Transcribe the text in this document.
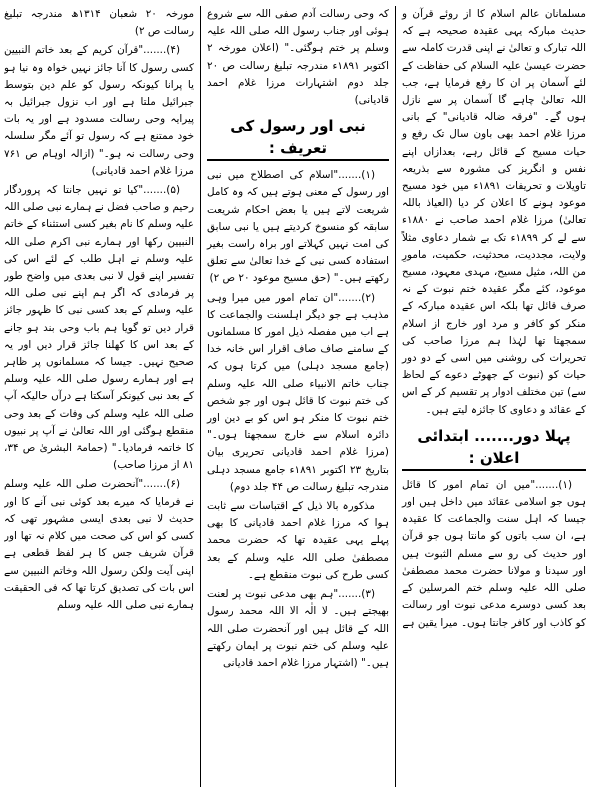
مسلمانان عالم اسلام کا از روئے قرآن و حدیث مبارکہ یہی عقیدہ صحیحہ ہے کہ اللہ تبارک و تعالیٰ نے اپنی قدرت کاملہ سے حضرت عیسیٰ علیہ السلام کی حفاظت کے لئے آسمان پر ان کا رفع فرمایا ہے، جب اللہ تعالیٰ چاہے گا آسمان پر سے نازل ہوں گے۔ "فرقہ ضالہ قادیانی" کے بانی مرزا غلام احمد بھی باون سال تک رفع و حیات مسیح کے قائل رہے، بعدازاں اپنے نفس و انگریز کی مشورہ سے بذریعہ تاویلات و تحریفات ۱۸۹۱ء میں خود مسیح موعود ہونے کا اعلان کر دیا (العیاذ باللہ تعالیٰ) مرزا غلام احمد صاحب نے ۱۸۸۰ء سے لے کر ۱۸۹۹ء تک بے شمار دعاوی مثلاً ولایت، مجددیت، محدثیت، حکمیت، مامورِ من اللہ، مثیل مسیح، مہدی معہود، مسیح موعود، کئے مگر عقیدہ ختم نبوت کے نہ صرف قائل تھا بلکہ اس عقیدہ مبارکہ کے منکر کو کافر و مرد اور خارج از اسلام سمجھتا تھا لہٰذا ہم مرزا صاحب کی تحریرات کی روشنی میں اسی کے دو دور حیات کو (نبوت کے جھوٹے دعوے کے لحاظ سے) تین مختلف ادوار پر تقسیم کر کے اس کے عقائد و دعاوی کا جائزہ لیتے ہیں۔

پہلا دور....... ابتدائی اعلان :

(۱)......."میں ان تمام امور کا قائل ہوں جو اسلامی عقائد میں داخل ہیں اور جیسا کہ اہل سنت والجماعت کا عقیدہ ہے، ان سب باتوں کو مانتا ہوں جو قرآن اور حدیث کی رو سے مسلم الثبوت ہیں اور سیدنا و مولانا حضرت محمد مصطفیٰ صلی اللہ علیہ وسلم ختم المرسلین کے بعد کسی دوسرے مدعی نبوت اور رسالت کو کاذب اور کافر جانتا ہوں۔ میرا یقین ہے

کہ وحی رسالت آدم صفی اللہ سے شروع ہوئی اور جناب رسول اللہ صلی اللہ علیہ وسلم پر ختم ہوگئی۔" (اعلان مورخہ ۲ اکتوبر ۱۸۹۱ء مندرجہ تبلیغ رسالت ص ۲۰ جلد دوم اشتہارات مرزا غلام احمد قادیانی)

نبی اور رسول کی تعریف :

(۱)......."اسلام کی اصطلاح میں نبی اور رسول کے معنی ہوتے ہیں کہ وہ کامل شریعت لاتے ہیں یا بعض احکام شریعت سابقہ کو منسوخ کردیتے ہیں یا نبی سابق کی امت نہیں کہلاتے اور براہ راست بغیر استفادہ کسی نبی کے خدا تعالیٰ سے تعلق رکھتے ہیں۔" (حق مسیح موعود ۲۰ ص ۲)

(۲)......."ان تمام امور میں میرا وہی مذہب ہے جو دیگر اہلسنت والجماعت کا ہے اب میں مفصلہ ذیل امور کا مسلمانوں کے سامنے صاف صاف اقرار اس خانہ خدا (جامع مسجد دہلی) میں کرتا ہوں کہ جناب خاتم الانبیاء صلی اللہ علیہ وسلم کی ختم نبوت کا قائل ہوں اور جو شخص ختم نبوت کا منکر ہو اس کو بے دین اور دائرہ اسلام سے خارج سمجھتا ہوں۔" (مرزا غلام احمد قادیانی تحریری بیان بتاریخ ۲۳ اکتوبر ۱۸۹۱ء جامع مسجد دہلی مندرجہ تبلیغ رسالت ص ۴۴ جلد دوم)

مذکورہ بالا ذیل کے اقتباسات سے ثابت ہوا کہ مرزا غلام احمد قادیانی کا بھی پہلے یہی عقیدہ تھا کہ حضرت محمد مصطفیٰ صلی اللہ علیہ وسلم کے بعد کسی طرح کی نبوت منقطع ہے۔

(۳)......."ہم بھی مدعی نبوت پر لعنت بھیجتے ہیں۔ لا الٰہ الا اللہ محمد رسول اللہ کے قائل ہیں اور آنحضرت صلی اللہ علیہ وسلم کی ختم نبوت پر ایمان رکھتے ہیں۔" (اشتہار مرزا غلام احمد قادیانی

مورخہ ۲۰ شعبان ۱۳۱۴ھ مندرجہ تبلیغ رسالت ص ۲)

(۴)......."قرآن کریم کے بعد خاتم النبیین کسی رسول کا آنا جائز نہیں خواہ وہ نیا ہو یا پرانا کیونکہ رسول کو علم دین بتوسط جبرائیل ملتا ہے اور اب نزول جبرائیل بہ پیرایہ وحی رسالت مسدود ہے اور یہ بات خود ممتنع ہے کہ رسول تو آئے مگر سلسلہ وحی رسالت نہ ہو۔" (ازالہ اوہام ص ۷۶۱ مرزا غلام احمد قادیانی)

(۵)......."کیا تو نہیں جانتا کہ پروردگار رحیم و صاحب فضل نے ہمارے نبی صلی اللہ علیہ وسلم کا نام بغیر کسی استثناء کے خاتم النبیین رکھا اور ہمارے نبی اکرم صلی اللہ علیہ وسلم نے اہل طلب کے لئے اس کی تفسیر اپنے قول لا نبی بعدی میں واضح طور پر فرمادی کہ اگر ہم اپنے نبی صلی اللہ علیہ وسلم کے بعد کسی نبی کا ظہور جائز قرار دیں تو گویا ہم باب وحی بند ہو جانے کے بعد اس کا کھلنا جائز قرار دیں اور یہ صحیح نہیں۔ جیسا کہ مسلمانوں پر ظاہر ہے اور ہمارے رسول صلی اللہ علیہ وسلم کے بعد نبی کیونکر آسکتا ہے درآں حالیکہ آپ صلی اللہ علیہ وسلم کی وفات کے بعد وحی منقطع ہوگئی اور اللہ تعالیٰ نے آپ پر نبیوں کا خاتمہ فرمادیا۔" (حمامۃ البشریٰ ص ۳۴، ۸۱ از مرزا صاحب)

(۶)......."آنحضرت صلی اللہ علیہ وسلم نے فرمایا کہ میرے بعد کوئی نبی آنے کا اور حدیث لا نبی بعدی ایسی مشہور تھی کہ کسی کو اس کی صحت میں کلام نہ تھا اور قرآن شریف جس کا ہر لفظ قطعی ہے اپنی آیت ولکن رسول اللہ وخاتم النبیین سے اس بات کی تصدیق کرتا تھا کہ فی الحقیقت ہمارے نبی صلی اللہ علیہ وسلم
